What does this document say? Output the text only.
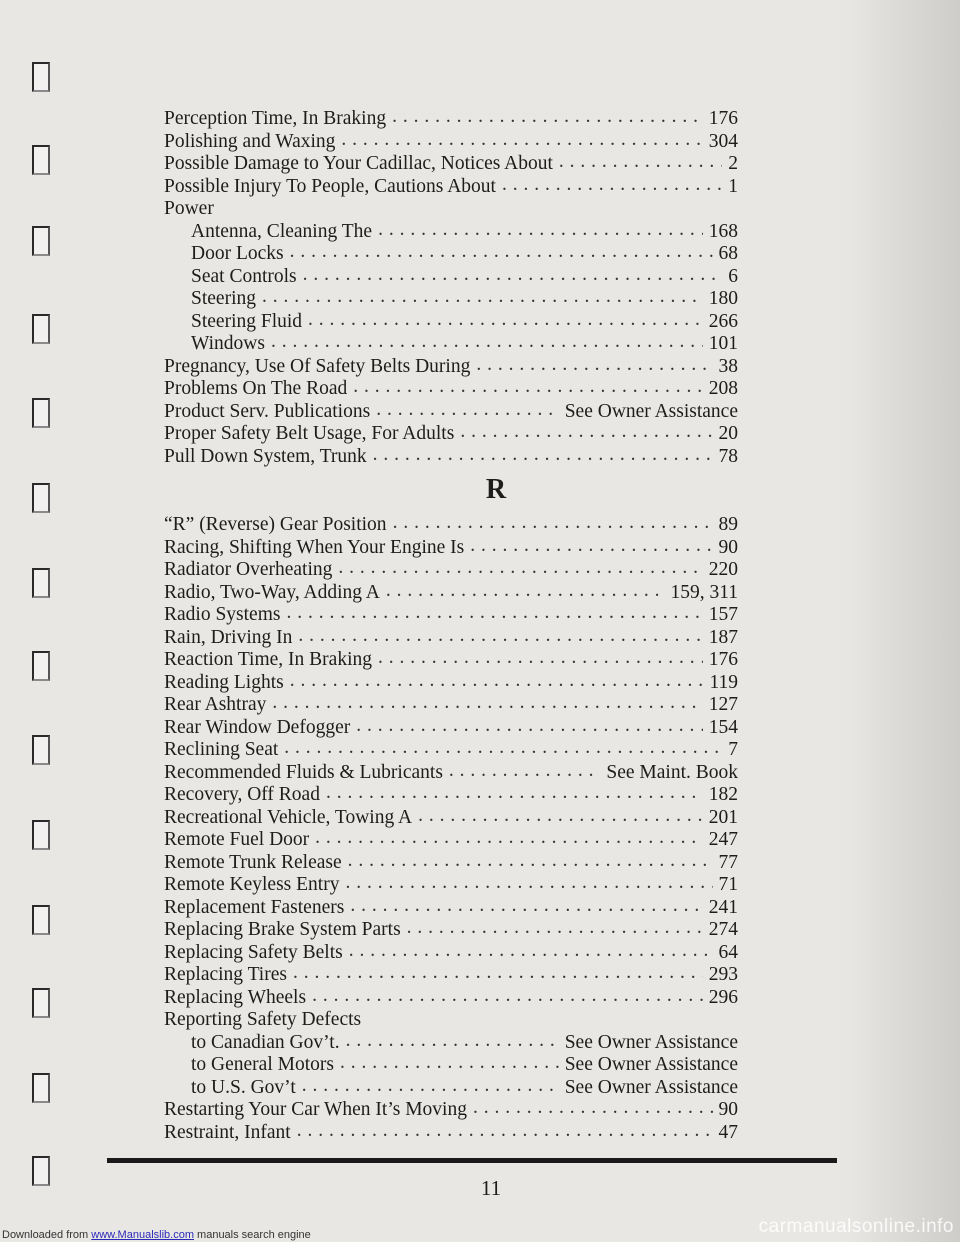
Perception Time, In Braking . . .	176
Polishing and Waxing . . .	304
Possible Damage to Your Cadillac, Notices About . . .	2
Possible Injury To People, Cautions About . . .	1
Power
Antenna, Cleaning The . . .	168
Door Locks . . .	68
Seat Controls . . .	6
Steering . . .	180
Steering Fluid . . .	266
Windows . . .	101
Pregnancy, Use Of Safety Belts During . . .	38
Problems On The Road . . .	208
Product Serv. Publications . . .	See Owner Assistance
Proper Safety Belt Usage, For Adults . . .	20
Pull Down System, Trunk . . .	78
R
“R” (Reverse) Gear Position . . .	89
Racing, Shifting When Your Engine Is . . .	90
Radiator Overheating . . .	220
Radio, Two-Way, Adding A . . .	159, 311
Radio Systems . . .	157
Rain, Driving In . . .	187
Reaction Time, In Braking . . .	176
Reading Lights . . .	119
Rear Ashtray . . .	127
Rear Window Defogger . . .	154
Reclining Seat . . .	7
Recommended Fluids & Lubricants . . .	See Maint. Book
Recovery, Off Road . . .	182
Recreational Vehicle, Towing A . . .	201
Remote Fuel Door . . .	247
Remote Trunk Release . . .	77
Remote Keyless Entry . . .	71
Replacement Fasteners . . .	241
Replacing Brake System Parts . . .	274
Replacing Safety Belts . . .	64
Replacing Tires . . .	293
Replacing Wheels . . .	296
Reporting Safety Defects
to Canadian Gov’t. . . .	See Owner Assistance
to General Motors . . .	See Owner Assistance
to U.S. Gov’t . . .	See Owner Assistance
Restarting Your Car When It’s Moving . . .	90
Restraint, Infant . . .	47
11
Downloaded from www.Manualslib.com manuals search engine	carmanualsonline.info
